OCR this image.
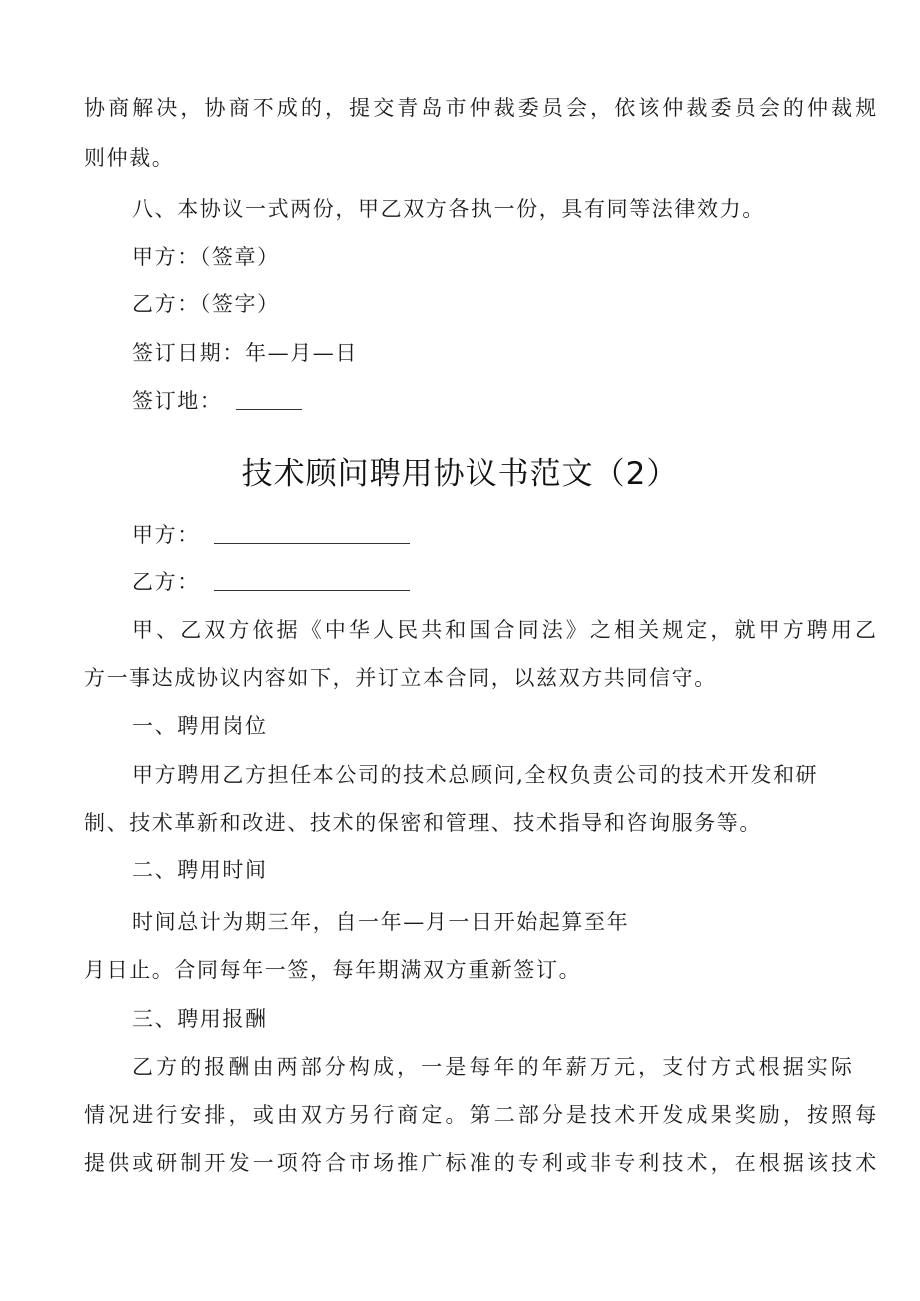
协商解决，协商不成的，提交青岛市仲裁委员会，依该仲裁委员会的仲裁规
则仲裁。
八、本协议一式两份，甲乙双方各执一份，具有同等法律效力。
甲方：（签章）
乙方：（签字）
签订日期：年—月—日
签订地：
技术顾问聘用协议书范文（2）
甲方：
乙方：
甲、乙双方依据《中华人民共和国合同法》之相关规定，就甲方聘用乙
方一事达成协议内容如下，并订立本合同，以兹双方共同信守。
一、聘用岗位
甲方聘用乙方担任本公司的技术总顾问,全权负责公司的技术开发和研
制、技术革新和改进、技术的保密和管理、技术指导和咨询服务等。
二、聘用时间
时间总计为期三年，自一年—月一日开始起算至年
月日止。合同每年一签，每年期满双方重新签订。
三、聘用报酬
乙方的报酬由两部分构成，一是每年的年薪万元，支付方式根据实际
情况进行安排，或由双方另行商定。第二部分是技术开发成果奖励，按照每
提供或研制开发一项符合市场推广标准的专利或非专利技术，在根据该技术
